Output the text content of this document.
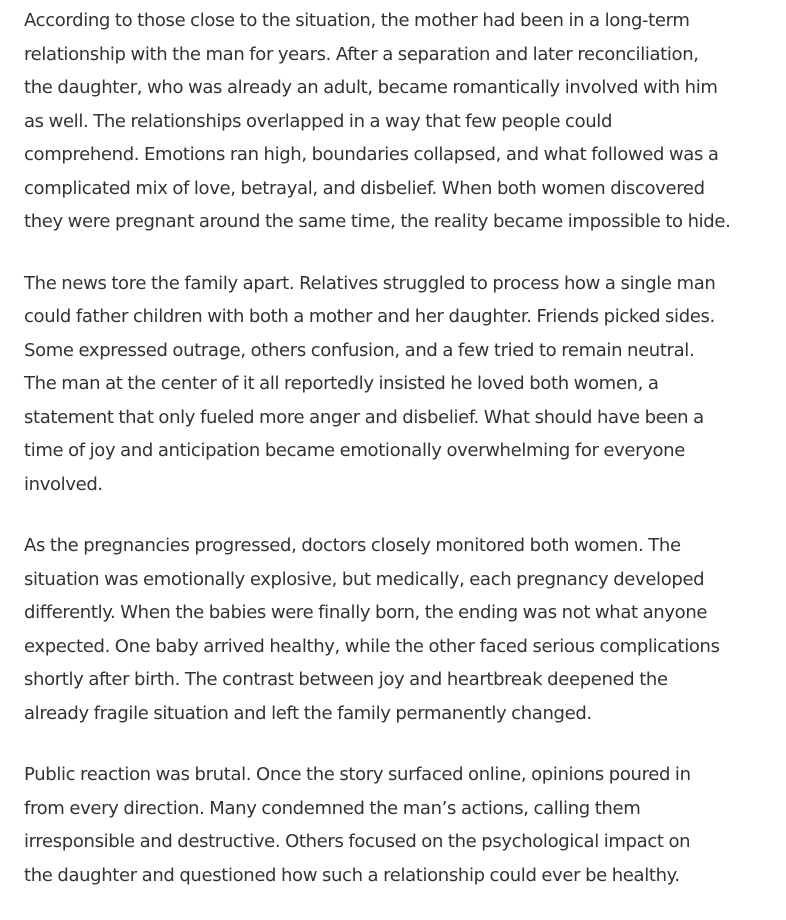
According to those close to the situation, the mother had been in a long-term
relationship with the man for years. After a separation and later reconciliation,
the daughter, who was already an adult, became romantically involved with him
as well. The relationships overlapped in a way that few people could
comprehend. Emotions ran high, boundaries collapsed, and what followed was a
complicated mix of love, betrayal, and disbelief. When both women discovered
they were pregnant around the same time, the reality became impossible to hide.

The news tore the family apart. Relatives struggled to process how a single man
could father children with both a mother and her daughter. Friends picked sides.
Some expressed outrage, others confusion, and a few tried to remain neutral.
The man at the center of it all reportedly insisted he loved both women, a
statement that only fueled more anger and disbelief. What should have been a
time of joy and anticipation became emotionally overwhelming for everyone
involved.

As the pregnancies progressed, doctors closely monitored both women. The
situation was emotionally explosive, but medically, each pregnancy developed
differently. When the babies were finally born, the ending was not what anyone
expected. One baby arrived healthy, while the other faced serious complications
shortly after birth. The contrast between joy and heartbreak deepened the
already fragile situation and left the family permanently changed.

Public reaction was brutal. Once the story surfaced online, opinions poured in
from every direction. Many condemned the man’s actions, calling them
irresponsible and destructive. Others focused on the psychological impact on
the daughter and questioned how such a relationship could ever be healthy.
